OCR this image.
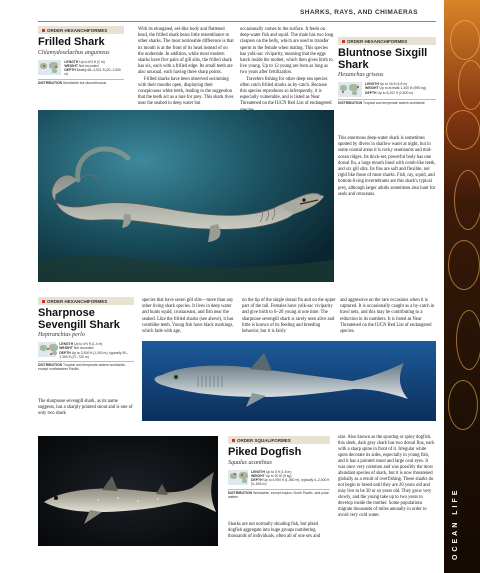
SHARKS, RAYS, AND CHIMAERAS
OCEAN LIFE
ORDER HEXANCHIFORMES
Frilled Shark
Chlamydoselachus anguineus
LENGTH Up to 6½ ft (2 m)
WEIGHT Not recorded
DEPTH Mostly 66–4,921 ft (20–1,500 m)
DISTRIBUTION Worldwide but discontinuous

With its elongated, eel-like body and flattened head, the frilled shark bears little resemblance to other sharks. The most noticeable difference is that its mouth is at the front of its head instead of on the underside. In addition, while most modern sharks have five pairs of gill slits, the frilled shark has six, each with a frilled edge. Its small teeth are also unusual, each having three sharp points.

Frilled sharks have been observed swimming with their mouths open, displaying their conspicuous white teeth, leading to the suggestion that the teeth act as a lure for prey. This shark lives near the seabed in deep water but

occasionally comes to the surface. It feeds on deep-water fish and squid. The male has two long claspers on the belly, which are used to transfer sperm to the female when mating. This species has yolk-sac viviparity, meaning that the eggs hatch inside the mother, which then gives birth to live young. Up to 12 young are born as long as two years after fertilization.

Travelers fishing for other deep-sea species often catch frilled sharks as by-catch. Because this species reproduces so infrequently, it is especially vulnerable, and is listed as Near Threatened on the IUCN Red List of endangered

ORDER HEXANCHIFORMES
Bluntnose Sixgill Shark
Hexanchus griseus
LENGTH Up to 16 ft (4.8 m)
WEIGHT Up to at least 1,300 lb (590 kg)
DEPTH Up to 8,202 ft (2,500 m)
DISTRIBUTION Tropical and temperate waters worldwide

This enormous deep-water shark is sometimes spotted by divers in shallow water at night, but in some coastal areas it is rocky seamounts and mid-ocean ridges. Its thick-set, powerful body has one dorsal fin, a large mouth lined with comb-like teeth, and six gill slits. Its fins are soft and flexible, not rigid like those of most sharks. Fish, ray, squid, and bottom-living invertebrates are this shark's typical prey, although larger adults sometimes also hunt for seals and cetaceans.

ORDER HEXANCHIFORMES
Sharpnose Sevengill Shark
Heptranchias perlo
LENGTH Up to 4½ ft (1.4 m)
WEIGHT Not recorded
DEPTH Up to 3,300 ft (1,000 m), typically 90–2,360 ft (27–720 m)
DISTRIBUTION Tropical and temperate waters worldwide, except northeastern Pacific

The sharpnose sevengill shark, as its name suggests, has a sharply pointed snout and is one of only two shark

species that have seven gill slits—more than any other living shark species. It lives in deep water and hunts squid, crustaceans, and fish near the seabed. Like the frilled sharks (see above), it has comblike teeth. Young fish have black markings, which fade with age,

on the tip of the single dorsal fin and on the upper part of the tail. Females have yolk-sac viviparity and give birth to 6–20 young at one time. The sharpnose sevengill shark is rarely seen alive and little is known of its feeding and breeding behavior, but it is fairly

and aggressive on the rare occasions when it is captured. It is occasionally caught as a by-catch in trawl nets, and this may be contributing to a reduction in its numbers. It is listed as Near Threatened on the IUCN Red List of endangered species.

ORDER SQUALIFORMES
Piked Dogfish
Squalus acanthias
LENGTH Up to 5 ft (1.6 m)
WEIGHT Up to 20 lb (9 kg)
DEPTH Up to 4,900 ft (1,460 m), typically 0–2,000 ft (0–600 m)
DISTRIBUTION Worldwide, except tropics, North Pacific, and polar waters

Sharks are not normally shoaling fish, but piked dogfish aggregate into huge groups numbering thousands of individuals, often all of one sex and

size. Also known as the spurdog or spiny dogfish, this sleek, dark gray shark has two dorsal fins, each with a sharp spine in front of it. Irregular white spots decorate its sides, especially in young fish, and it has a pointed snout and large oval eyes. It was once very common and was possibly the most abundant species of shark, but it is now threatened globally as a result of overfishing. These sharks do not begin to breed until they are 20 years old and may live to be 30 or so years old. They grow very slowly, and the young take up to two years to develop inside the mother. Some populations migrate thousands of miles annually in order to avoid very cold water.
